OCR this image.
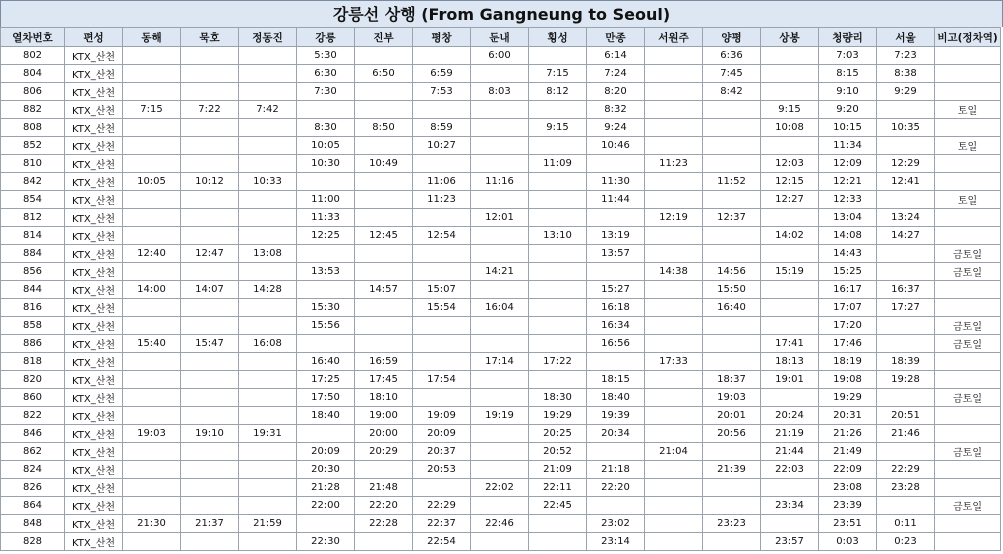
강릉선 상행 (From Gangneung to Seoul)
열차번호	편성	동해	묵호	정동진	강릉	진부	평창	둔내	횡성	만종	서원주	양평	상봉	청량리	서울	비고(정차역)
802	KTX_산천				5:30			6:00		6:14		6:36		7:03	7:23	
804	KTX_산천				6:30	6:50	6:59		7:15	7:24		7:45		8:15	8:38	
806	KTX_산천				7:30		7:53	8:03	8:12	8:20		8:42		9:10	9:29	
882	KTX_산천	7:15	7:22	7:42						8:32			9:15	9:20		토일
808	KTX_산천				8:30	8:50	8:59		9:15	9:24			10:08	10:15	10:35	
852	KTX_산천				10:05		10:27			10:46				11:34		토일
810	KTX_산천				10:30	10:49			11:09		11:23		12:03	12:09	12:29	
842	KTX_산천	10:05	10:12	10:33			11:06	11:16		11:30		11:52	12:15	12:21	12:41	
854	KTX_산천				11:00		11:23			11:44			12:27	12:33		토일
812	KTX_산천				11:33			12:01			12:19	12:37		13:04	13:24	
814	KTX_산천				12:25	12:45	12:54		13:10	13:19			14:02	14:08	14:27	
884	KTX_산천	12:40	12:47	13:08						13:57				14:43		금토일
856	KTX_산천				13:53			14:21			14:38	14:56	15:19	15:25		금토일
844	KTX_산천	14:00	14:07	14:28		14:57	15:07			15:27		15:50		16:17	16:37	
816	KTX_산천				15:30		15:54	16:04		16:18		16:40		17:07	17:27	
858	KTX_산천				15:56					16:34				17:20		금토일
886	KTX_산천	15:40	15:47	16:08						16:56			17:41	17:46		금토일
818	KTX_산천				16:40	16:59		17:14	17:22		17:33		18:13	18:19	18:39	
820	KTX_산천				17:25	17:45	17:54			18:15		18:37	19:01	19:08	19:28	
860	KTX_산천				17:50	18:10			18:30	18:40		19:03		19:29		금토일
822	KTX_산천				18:40	19:00	19:09	19:19	19:29	19:39		20:01	20:24	20:31	20:51	
846	KTX_산천	19:03	19:10	19:31		20:00	20:09		20:25	20:34		20:56	21:19	21:26	21:46	
862	KTX_산천				20:09	20:29	20:37		20:52		21:04		21:44	21:49		금토일
824	KTX_산천				20:30		20:53		21:09	21:18		21:39	22:03	22:09	22:29	
826	KTX_산천				21:28	21:48		22:02	22:11	22:20				23:08	23:28	
864	KTX_산천				22:00	22:20	22:29		22:45				23:34	23:39		금토일
848	KTX_산천	21:30	21:37	21:59		22:28	22:37	22:46		23:02		23:23		23:51	0:11	
828	KTX_산천				22:30		22:54			23:14			23:57	0:03	0:23	
